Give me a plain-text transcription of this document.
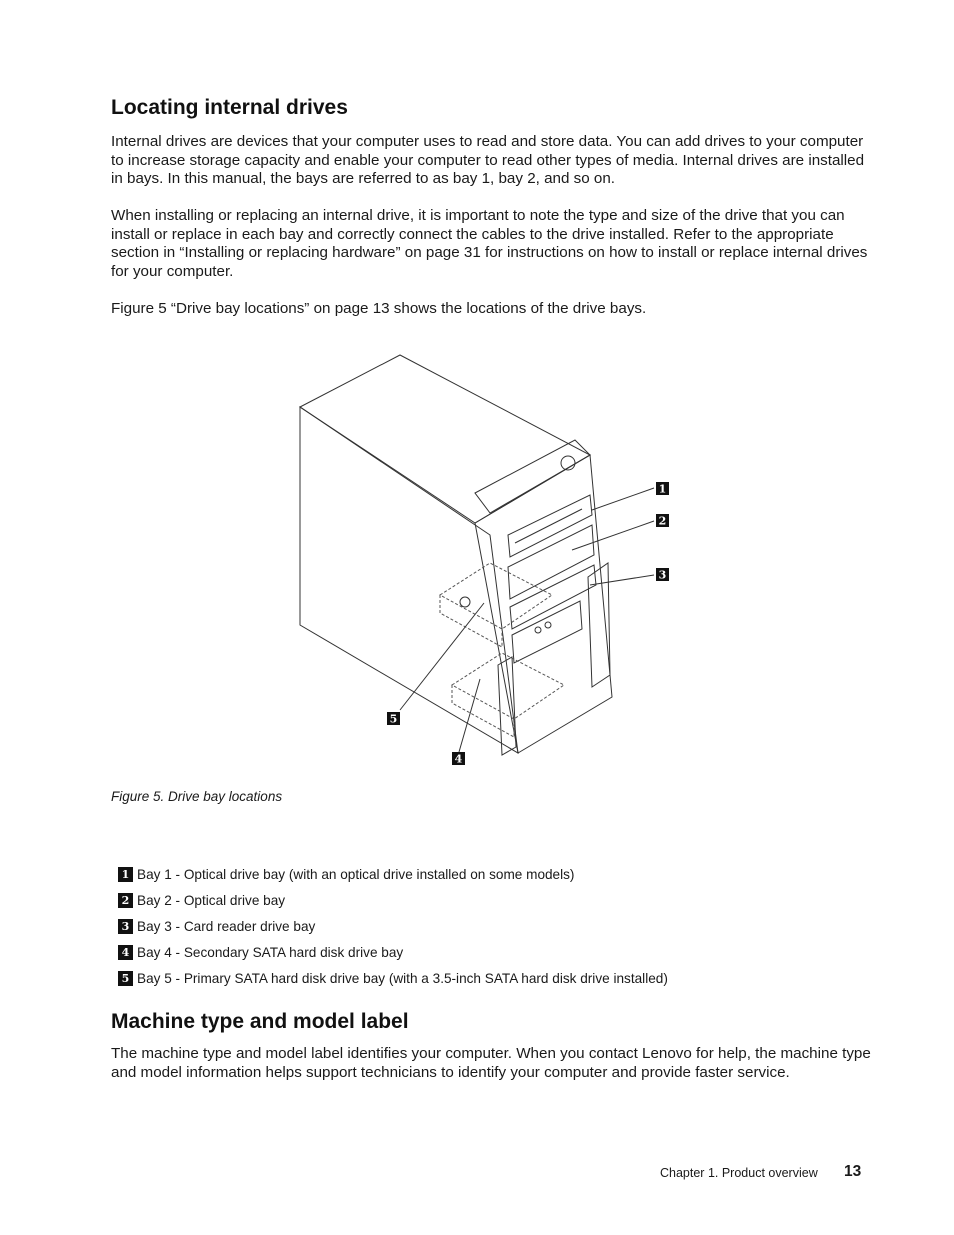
Locating internal drives

Internal drives are devices that your computer uses to read and store data. You can add drives to your computer to increase storage capacity and enable your computer to read other types of media. Internal drives are installed in bays. In this manual, the bays are referred to as bay 1, bay 2, and so on.

When installing or replacing an internal drive, it is important to note the type and size of the drive that you can install or replace in each bay and correctly connect the cables to the drive installed. Refer to the appropriate section in “Installing or replacing hardware” on page 31 for instructions on how to install or replace internal drives for your computer.

Figure 5 “Drive bay locations” on page 13 shows the locations of the drive bays.

1
2
3
4
5

Figure 5. Drive bay locations

1 Bay 1 - Optical drive bay (with an optical drive installed on some models)
2 Bay 2 - Optical drive bay
3 Bay 3 - Card reader drive bay
4 Bay 4 - Secondary SATA hard disk drive bay
5 Bay 5 - Primary SATA hard disk drive bay (with a 3.5-inch SATA hard disk drive installed)
Machine type and model label

The machine type and model label identifies your computer. When you contact Lenovo for help, the machine type and model information helps support technicians to identify your computer and provide faster service.

Chapter 1. Product overview 13
